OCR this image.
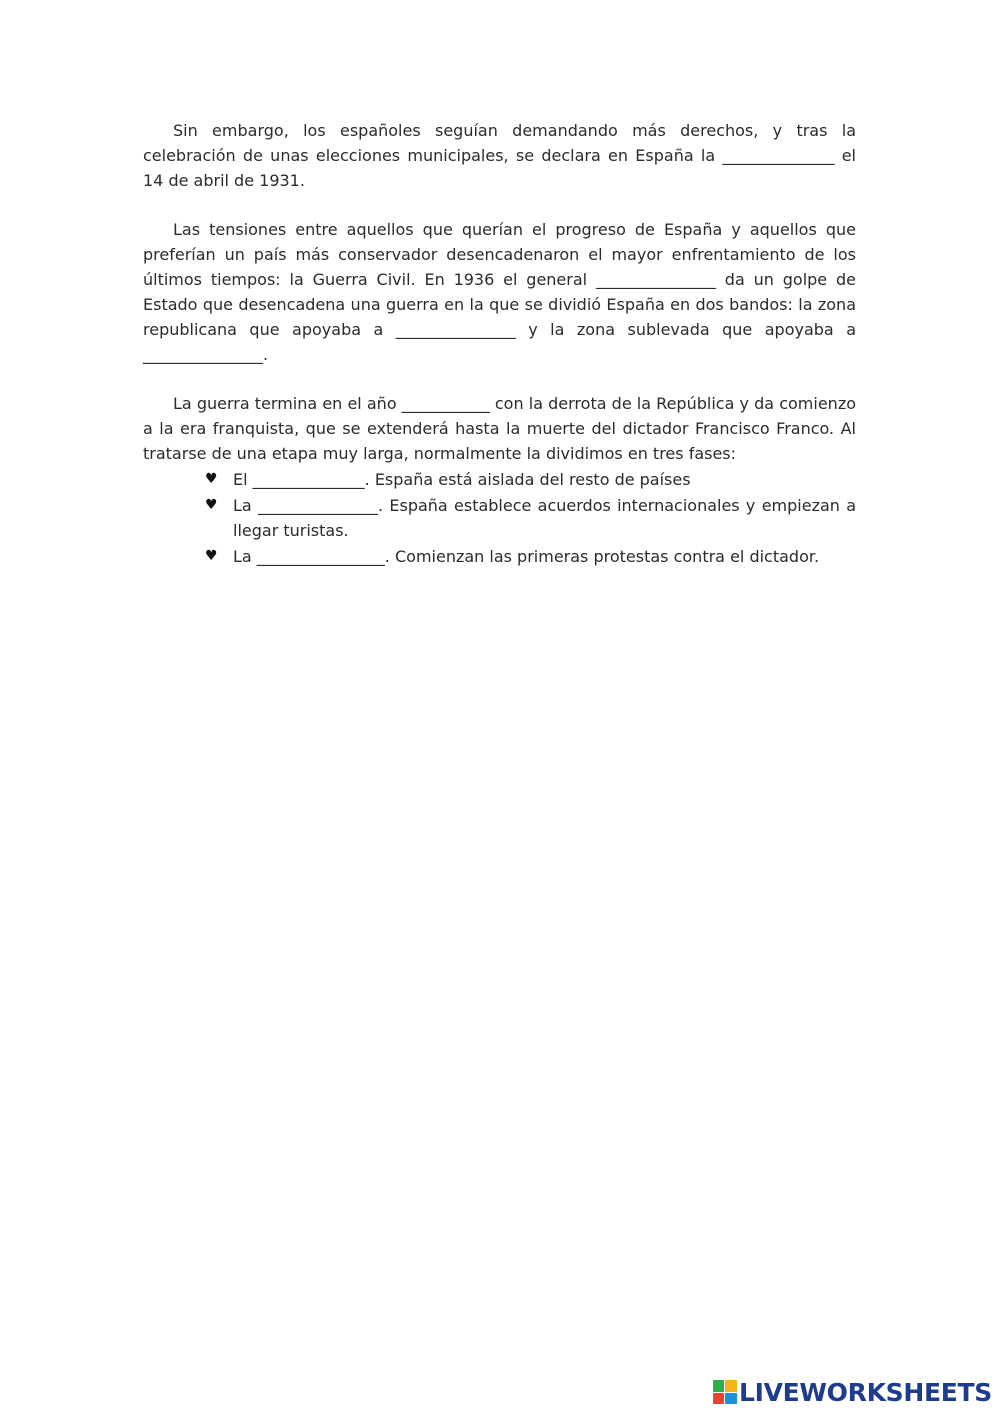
Sin embargo, los españoles seguían demandando más derechos, y tras la celebración de unas elecciones municipales, se declara en España la ______________ el 14 de abril de 1931.

Las tensiones entre aquellos que querían el progreso de España y aquellos que preferían un país más conservador desencadenaron el mayor enfrentamiento de los últimos tiempos: la Guerra Civil. En 1936 el general _______________ da un golpe de Estado que desencadena una guerra en la que se dividió España en dos bandos: la zona republicana que apoyaba a _______________ y la zona sublevada que apoyaba a _______________.

La guerra termina en el año ___________ con la derrota de la República y da comienzo a la era franquista, que se extenderá hasta la muerte del dictador Francisco Franco. Al tratarse de una etapa muy larga, normalmente la dividimos en tres fases:

♥ El ______________. España está aislada del resto de países
♥ La _______________. España establece acuerdos internacionales y empiezan a llegar turistas.
♥ La ________________. Comienzan las primeras protestas contra el dictador.
LIVEWORKSHEETS
